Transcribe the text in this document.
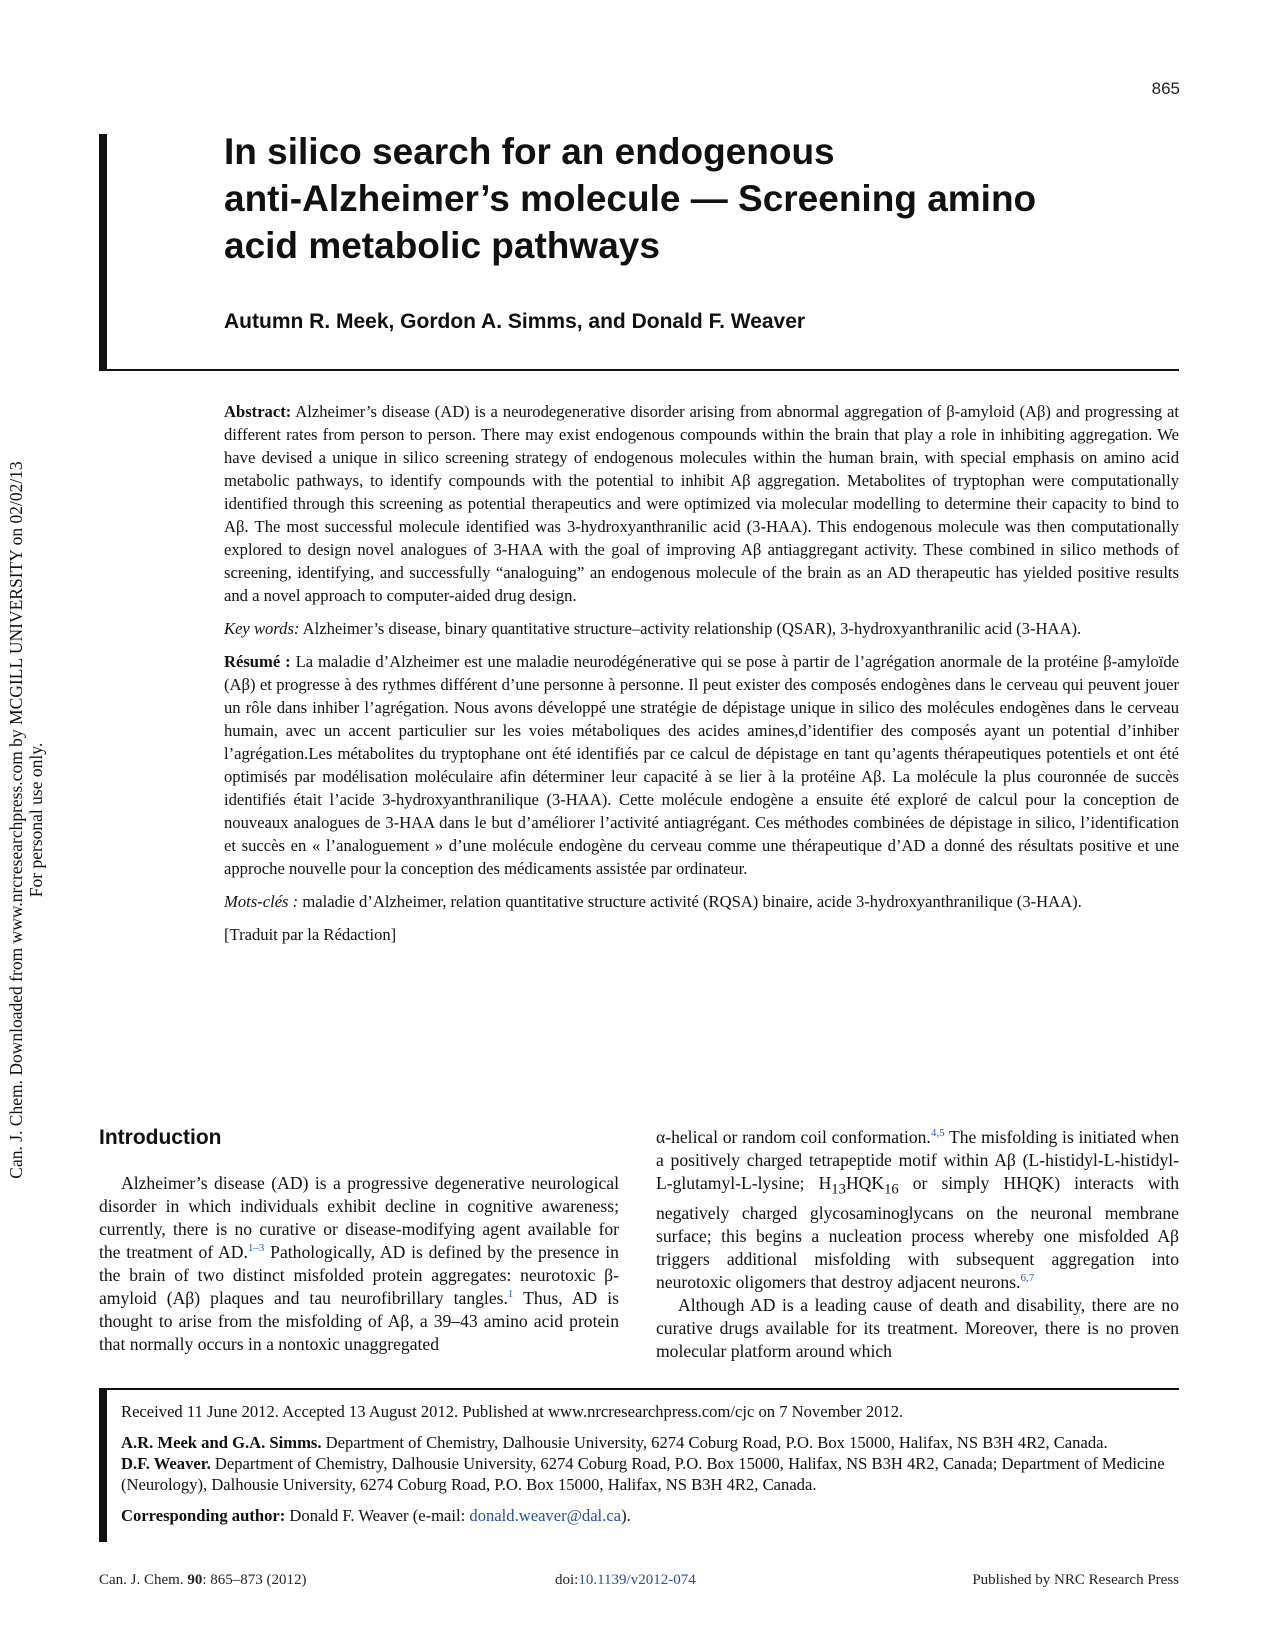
865
In silico search for an endogenous
anti-Alzheimer’s molecule — Screening amino
acid metabolic pathways

Autumn R. Meek, Gordon A. Simms, and Donald F. Weaver

Can. J. Chem. Downloaded from www.nrcresearchpress.com by MCGILL UNIVERSITY on 02/02/13 For personal use only.

Abstract: Alzheimer’s disease (AD) is a neurodegenerative disorder arising from abnormal aggregation of β-amyloid (Aβ) and progressing at different rates from person to person. There may exist endogenous compounds within the brain that play a role in inhibiting aggregation. We have devised a unique in silico screening strategy of endogenous molecules within the human brain, with special emphasis on amino acid metabolic pathways, to identify compounds with the potential to inhibit Aβ aggregation. Metabolites of tryptophan were computationally identified through this screening as potential therapeutics and were optimized via molecular modelling to determine their capacity to bind to Aβ. The most successful molecule identified was 3-hydroxyanthranilic acid (3-HAA). This endogenous molecule was then computationally explored to design novel analogues of 3-HAA with the goal of improving Aβ antiaggregant activity. These combined in silico methods of screening, identifying, and successfully “analoguing” an endogenous molecule of the brain as an AD therapeutic has yielded positive results and a novel approach to computer-aided drug design.

Key words: Alzheimer’s disease, binary quantitative structure–activity relationship (QSAR), 3-hydroxyanthranilic acid (3-HAA).

Résumé : La maladie d’Alzheimer est une maladie neurodégénerative qui se pose à partir de l’agrégation anormale de la protéine β-amyloïde (Aβ) et progresse à des rythmes différent d’une personne à personne. Il peut exister des composés endogènes dans le cerveau qui peuvent jouer un rôle dans inhiber l’agrégation. Nous avons développé une stratégie de dépistage unique in silico des molécules endogènes dans le cerveau humain, avec un accent particulier sur les voies métaboliques des acides amines,d’identifier des composés ayant un potential d’inhiber l’agrégation.Les métabolites du tryptophane ont été identifiés par ce calcul de dépistage en tant qu’agents thérapeutiques potentiels et ont été optimisés par modélisation moléculaire afin déterminer leur capacité à se lier à la protéine Aβ. La molécule la plus couronnée de succès identifiés était l’acide 3-hydroxyanthranilique (3-HAA). Cette molécule endogène a ensuite été exploré de calcul pour la conception de nouveaux analogues de 3-HAA dans le but d’améliorer l’activité antiagrégant. Ces méthodes combinées de dépistage in silico, l’identification et succès en « l’analoguement » d’une molécule endogène du cerveau comme une thérapeutique d’AD a donné des résultats positive et une approche nouvelle pour la conception des médicaments assistée par ordinateur.

Mots-clés : maladie d’Alzheimer, relation quantitative structure activité (RQSA) binaire, acide 3-hydroxyanthranilique (3-HAA).

[Traduit par la Rédaction]

Introduction

Alzheimer’s disease (AD) is a progressive degenerative neurological disorder in which individuals exhibit decline in cognitive awareness; currently, there is no curative or disease-modifying agent available for the treatment of AD.$^{1-3}$ Pathologically, AD is defined by the presence in the brain of two distinct misfolded protein aggregates: neurotoxic β-amyloid (Aβ) plaques and tau neurofibrillary tangles.$^1$ Thus, AD is thought to arise from the misfolding of Aβ, a 39–43 amino acid protein that normally occurs in a nontoxic unaggregated

α-helical or random coil conformation.$^{4,5}$ The misfolding is initiated when a positively charged tetrapeptide motif within Aβ (L-histidyl-L-histidyl-L-glutamyl-L-lysine; $H_{13}HQK_{16}$ or simply HHQK) interacts with negatively charged glycosaminoglycans on the neuronal membrane surface; this begins a nucleation process whereby one misfolded Aβ triggers additional misfolding with subsequent aggregation into neurotoxic oligomers that destroy adjacent neurons.$^{6,7}$

Although AD is a leading cause of death and disability, there are no curative drugs available for its treatment. Moreover, there is no proven molecular platform around which

Received 11 June 2012. Accepted 13 August 2012. Published at www.nrcresearchpress.com/cjc on 7 November 2012.

A.R. Meek and G.A. Simms. Department of Chemistry, Dalhousie University, 6274 Coburg Road, P.O. Box 15000, Halifax, NS B3H 4R2, Canada.

D.F. Weaver. Department of Chemistry, Dalhousie University, 6274 Coburg Road, P.O. Box 15000, Halifax, NS B3H 4R2, Canada; Department of Medicine (Neurology), Dalhousie University, 6274 Coburg Road, P.O. Box 15000, Halifax, NS B3H 4R2, Canada.

Corresponding author: Donald F. Weaver (e-mail: donald.weaver@dal.ca).

Can. J. Chem. 90: 865–873 (2012)	doi:10.1139/v2012-074	Published by NRC Research Press
